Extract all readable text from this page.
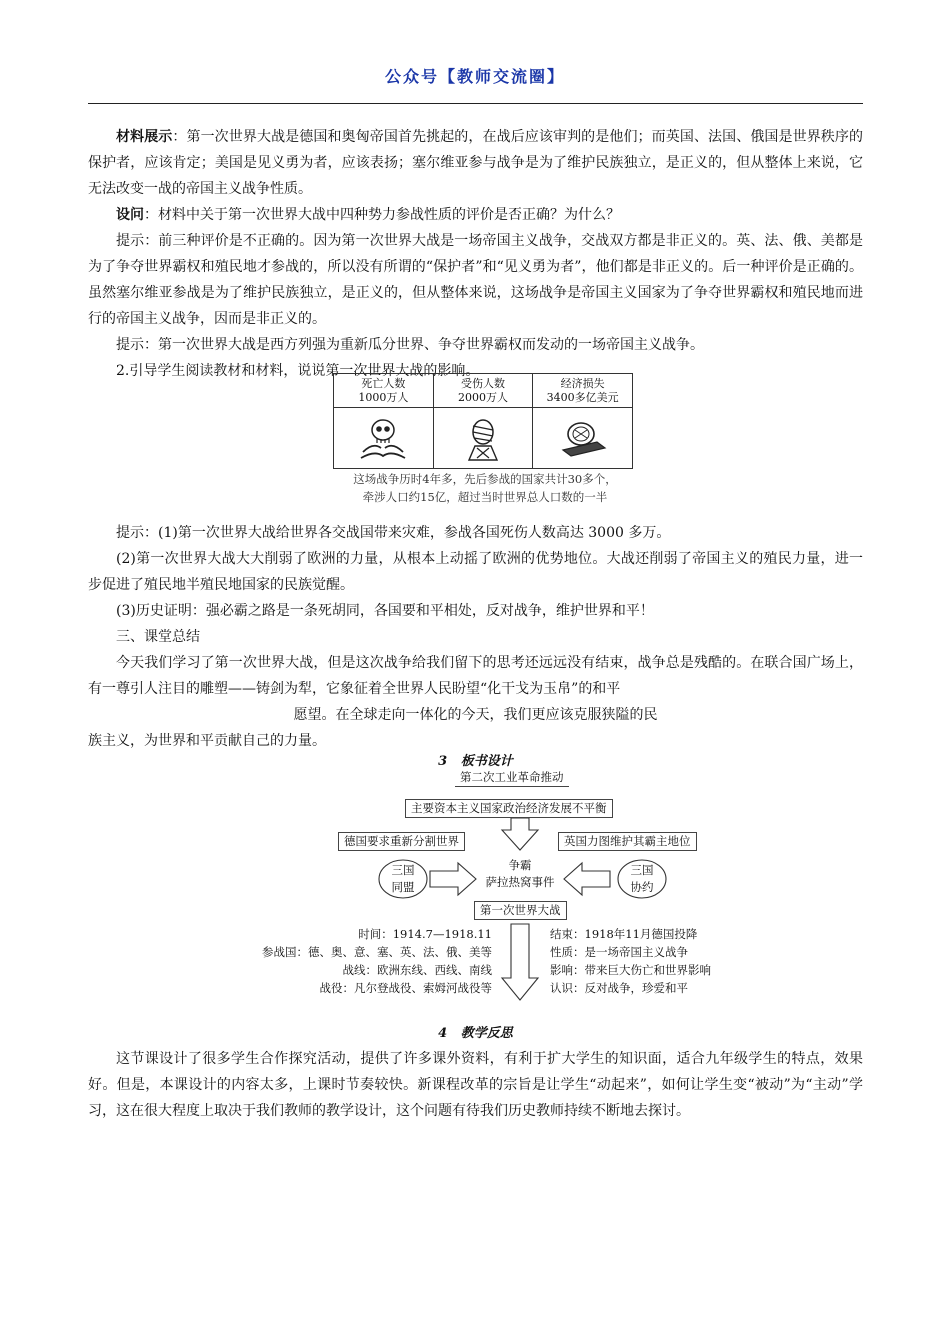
公众号【教师交流圈】

材料展示：第一次世界大战是德国和奥匈帝国首先挑起的，在战后应该审判的是他们；而英国、法国、俄国是世界秩序的保护者，应该肯定；美国是见义勇为者，应该表扬；塞尔维亚参与战争是为了维护民族独立，是正义的，但从整体上来说，它无法改变一战的帝国主义战争性质。

设问：材料中关于第一次世界大战中四种势力参战性质的评价是否正确？为什么？

提示：前三种评价是不正确的。因为第一次世界大战是一场帝国主义战争，交战双方都是非正义的。英、法、俄、美都是为了争夺世界霸权和殖民地才参战的，所以没有所谓的“保护者”和“见义勇为者”，他们都是非正义的。后一种评价是正确的。虽然塞尔维亚参战是为了维护民族独立，是正义的，但从整体来说，这场战争是帝国主义国家为了争夺世界霸权和殖民地而进行的帝国主义战争，因而是非正义的。

提示：第一次世界大战是西方列强为重新瓜分世界、争夺世界霸权而发动的一场帝国主义战争。

2.引导学生阅读教材和材料，说说第一次世界大战的影响。

死亡人数
1000万人
受伤人数
2000万人
经济损失
3400多亿美元
这场战争历时4年多，先后参战的国家共计30多个，
牵涉人口约15亿，超过当时世界总人口数的一半

提示：(1)第一次世界大战给世界各交战国带来灾难，参战各国死伤人数高达 3000 多万。

(2)第一次世界大战大大削弱了欧洲的力量，从根本上动摇了欧洲的优势地位。大战还削弱了帝国主义的殖民力量，进一步促进了殖民地半殖民地国家的民族觉醒。

(3)历史证明：强必霸之路是一条死胡同，各国要和平相处，反对战争，维护世界和平！

三、课堂总结

今天我们学习了第一次世界大战，但是这次战争给我们留下的思考还远远没有结束，战争总是残酷的。在联合国广场上，有一尊引人注目的雕塑——铸剑为犁，它象征着全世界人民盼望“化干戈为玉帛”的和平

愿望。在全球走向一体化的今天，我们更应该克服狭隘的民

族主义，为世界和平贡献自己的力量。

3 板书设计
第二次工业革命推动
主要资本主义国家政治经济发展不平衡
德国要求重新分割世界	英国力图维护其霸主地位
三国同盟
三国协约
争霸
萨拉热窝事件
第一次世界大战
时间：1914.7—1918.11
参战国：德、奥、意、塞、英、法、俄、美等
战线：欧洲东线、西线、南线
战役：凡尔登战役、索姆河战役等
结束：1918年11月德国投降
性质：是一场帝国主义战争
影响：带来巨大伤亡和世界影响
认识：反对战争，珍爱和平
4 教学反思

这节课设计了很多学生合作探究活动，提供了许多课外资料，有利于扩大学生的知识面，适合九年级学生的特点，效果好。但是，本课设计的内容太多，上课时节奏较快。新课程改革的宗旨是让学生“动起来”，如何让学生变“被动”为“主动”学习，这在很大程度上取决于我们教师的教学设计，这个问题有待我们历史教师持续不断地去探讨。
